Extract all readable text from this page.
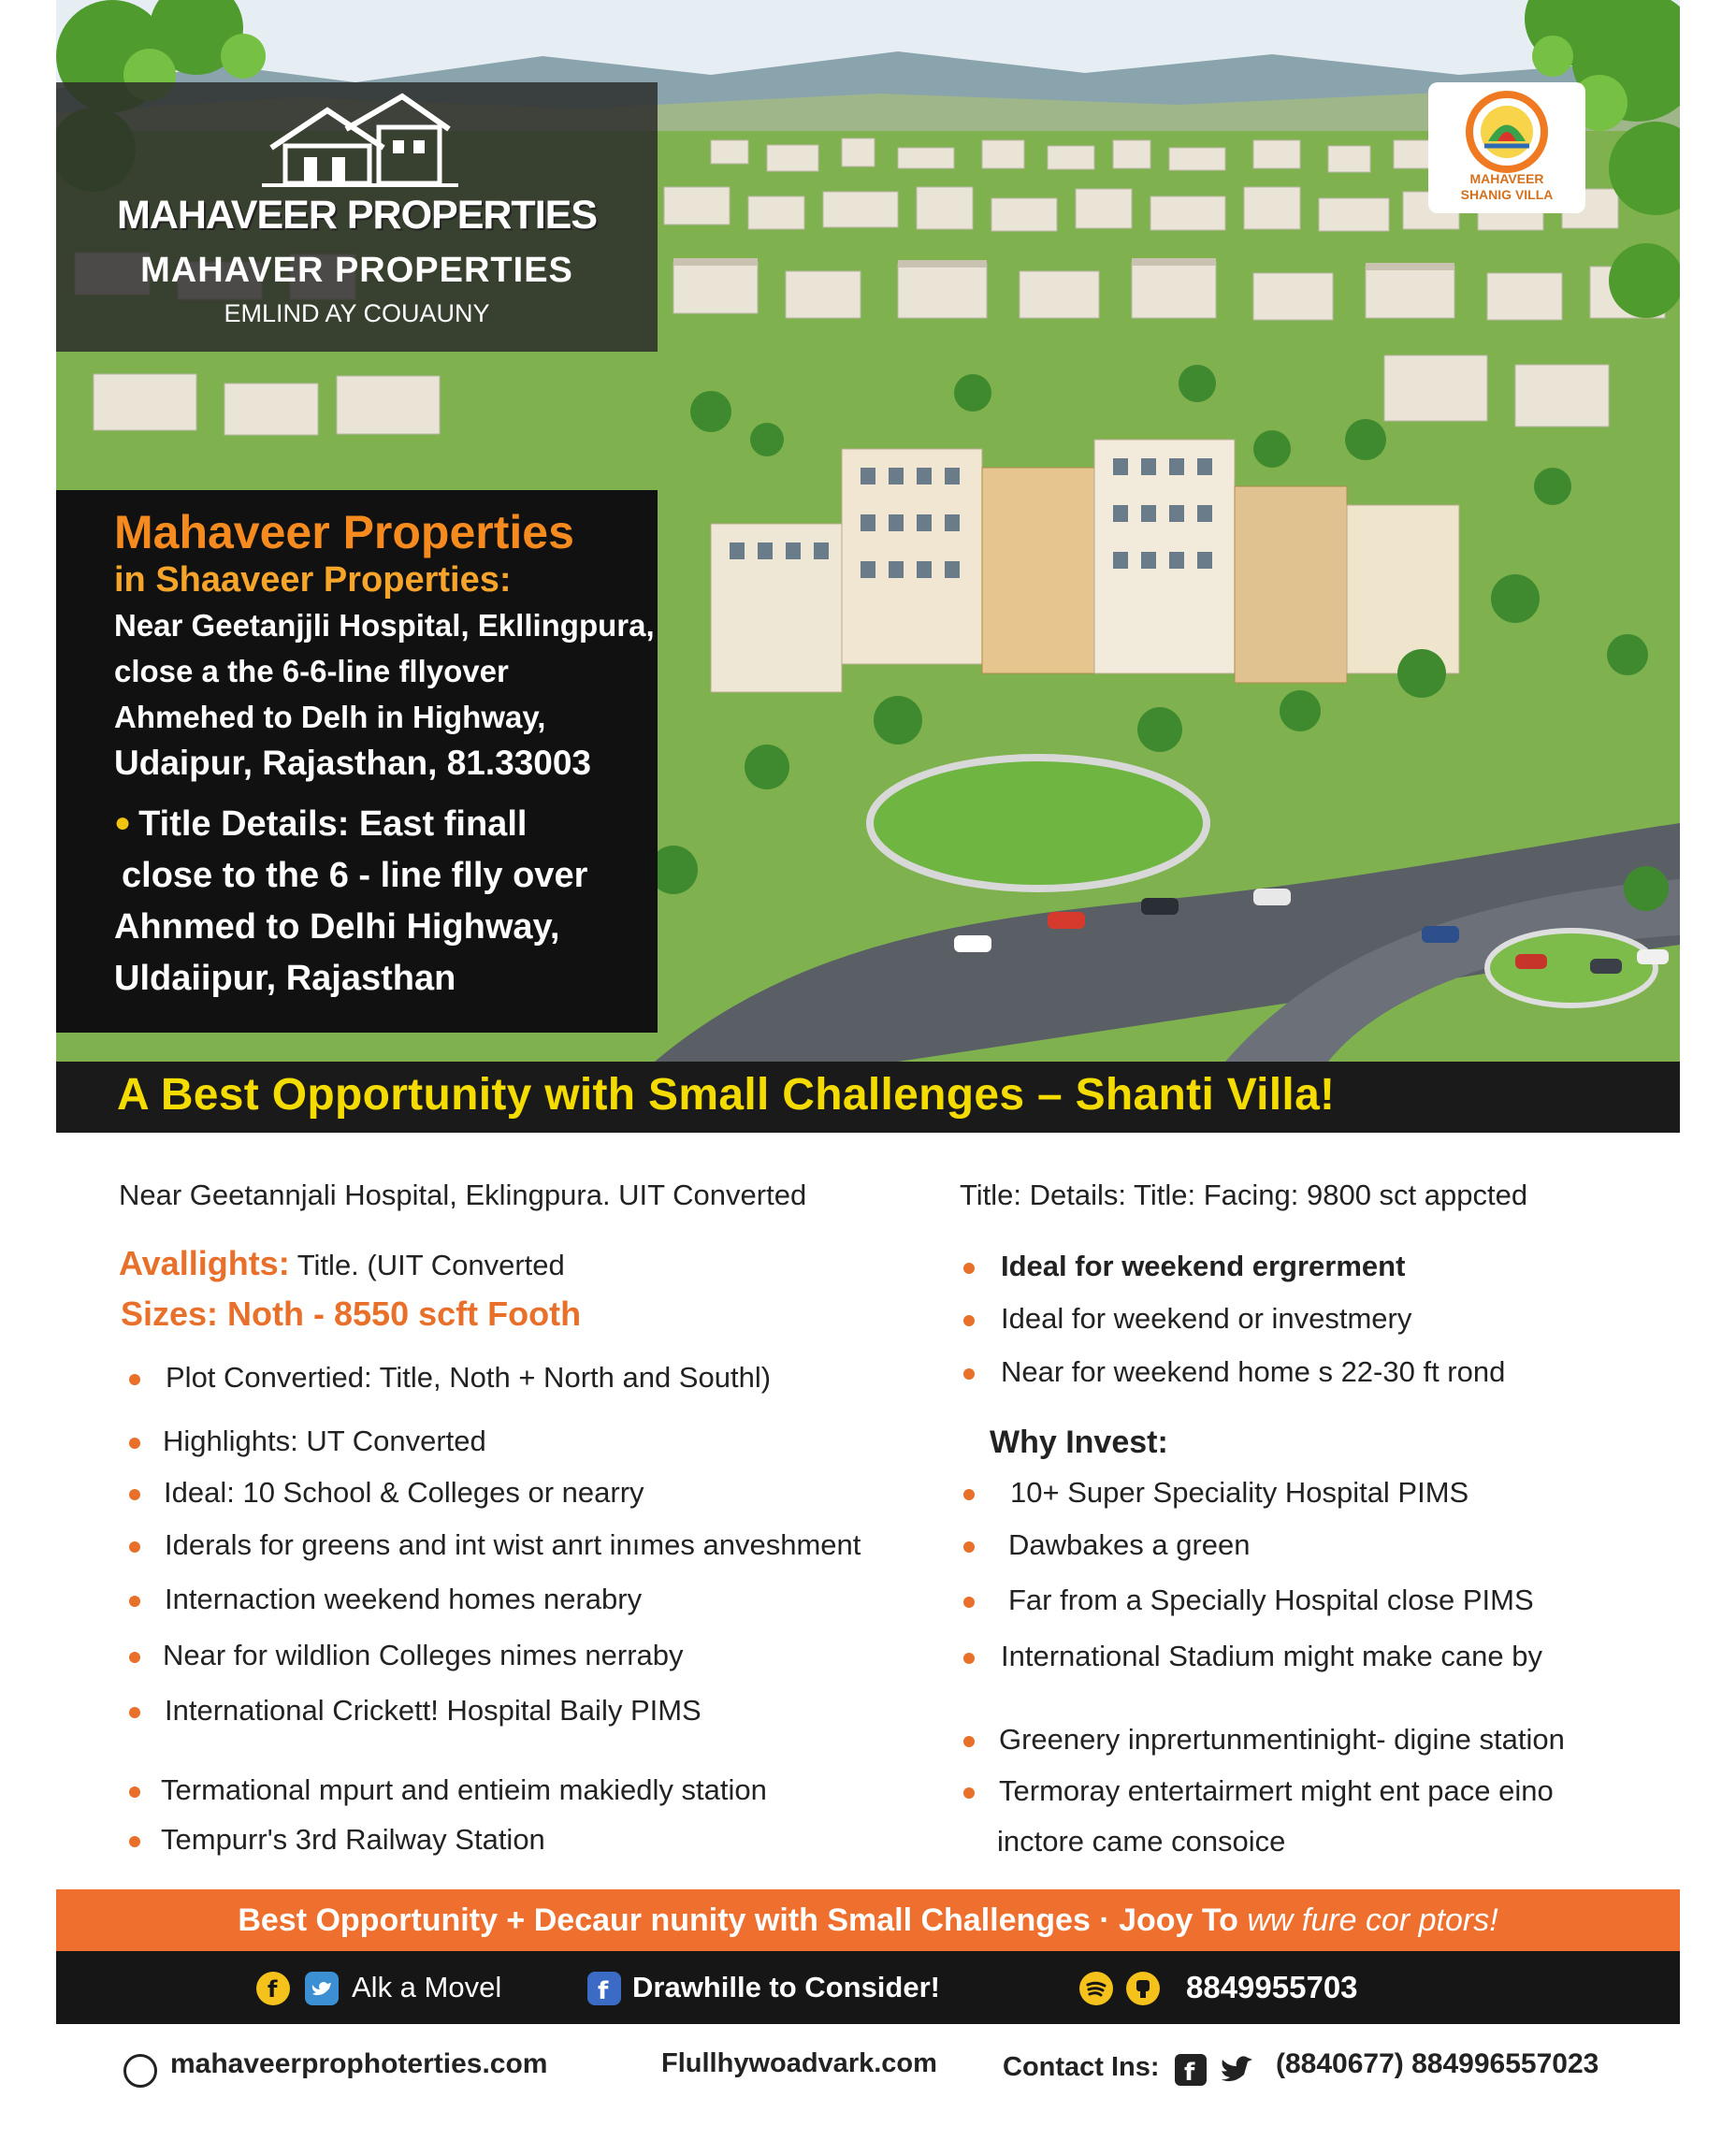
MAHAVEER PROPERTIES
MAHAVER PROPERTIES
EMLIND AY COUAUNY
MAHAVEER
SHANIG VILLA
Mahaveer Properties
in Shaaveer Properties:
Near Geetanjjli Hospital, Ekllingpura,
close a the 6-6-line fllyover
Ahmehed to Delh in Highway,
Udaipur, Rajasthan, 81.33003
● Title Details: East finall
close to the 6 - line flly over
Ahnmed to Delhi Highway,
Uldaiipur, Rajasthan
A Best Opportunity with Small Challenges – Shanti Villa!
Near Geetannjali Hospital, Eklingpura. UIT Converted
Avallights: Title. (UIT Converted
Sizes: Noth - 8550 scft Footh
Plot Convertied: Title, Noth + North and Southl)
Highlights: UT Converted
Ideal: 10 School & Colleges or nearry
Iderals for greens and int wist anrt inımes anveshment
Internaction weekend homes nerabry
Near for wildlion Colleges nimes nerraby
International Crickett! Hospital Baily PIMS
Termational mpurt and entieim makiedly station
Tempurr's 3rd Railway Station
Title: Details: Title: Facing: 9800 sct appcted
Ideal for weekend ergrerment
Ideal for weekend or investmery
Near for weekend home s 22-30 ft rond
Why Invest:
10+ Super Speciality Hospital PIMS
Dawbakes a green
Far from a Specially Hospital close PIMS
International Stadium might make cane by
Greenery inprertunmentinight- digine station
Termoray entertairmert might ent pace eino
inctore came consoice
Best Opportunity + Decaur nunity with Small Challenges · Jooy To ww fure cor ptors!
f	Alk a Movel	f Drawhille to Consider!	8849955703
mahaveerprophoterties.com	Flullhywoadvark.com Contact Ins: f	(8840677) 884996557023
